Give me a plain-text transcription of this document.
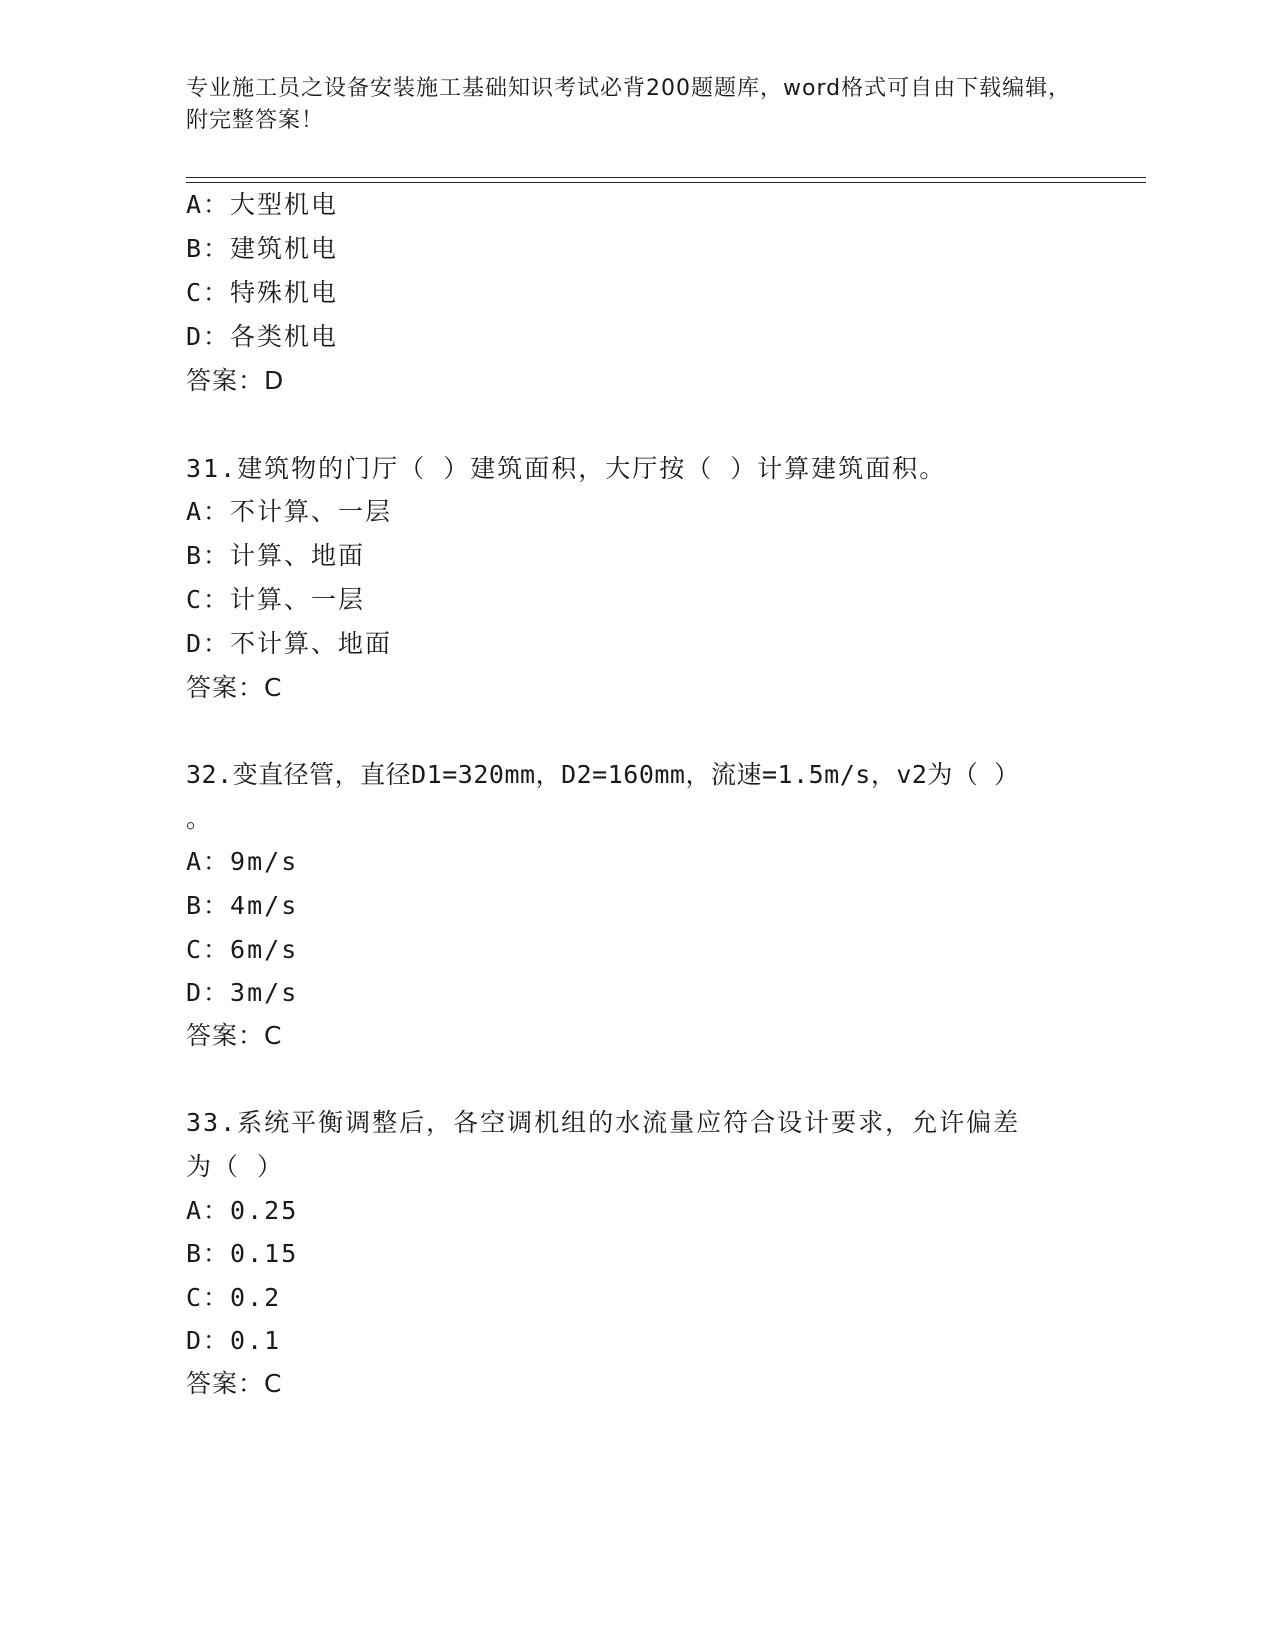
专业施工员之设备安装施工基础知识考试必背200题题库，word格式可自由下载编辑，附完整答案！
A：大型机电
B：建筑机电
C：特殊机电
D：各类机电
答案：D
31.建筑物的门厅（ ）建筑面积，大厅按（ ）计算建筑面积。
A：不计算、一层
B：计算、地面
C：计算、一层
D：不计算、地面
答案：C
32.变直径管，直径D1=320mm，D2=160mm，流速=1.5m/s，v2为（ ）
。
A：9m/s
B：4m/s
C：6m/s
D：3m/s
答案：C
33.系统平衡调整后，各空调机组的水流量应符合设计要求，允许偏差
为（ ）
A：0.25
B：0.15
C：0.2
D：0.1
答案：C
